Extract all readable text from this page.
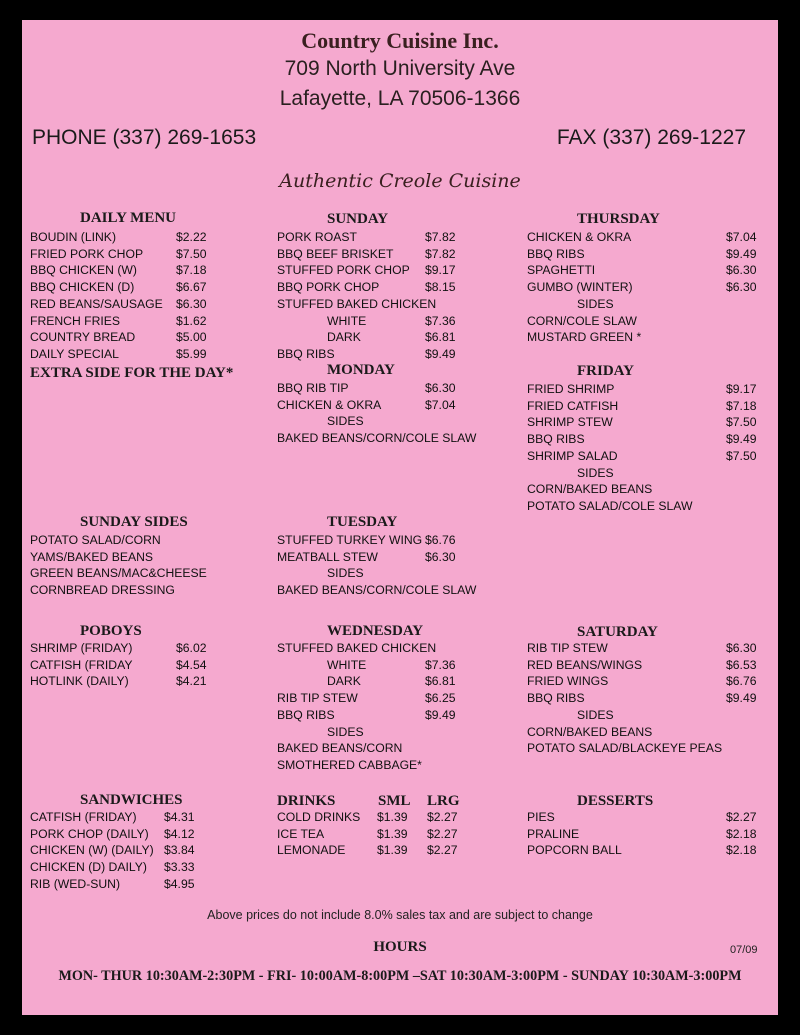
Country Cuisine Inc.
709 North University Ave
Lafayette, LA 70506-1366
PHONE (337) 269-1653	FAX (337) 269-1227
Authentic Creole Cuisine
DAILY MENU
BOUDIN (LINK)	$2.22
FRIED PORK CHOP	$7.50
BBQ CHICKEN (W)	$7.18
BBQ CHICKEN (D)	$6.67
RED BEANS/SAUSAGE $6.30
FRENCH FRIES	$1.62
COUNTRY BREAD	$5.00
DAILY SPECIAL	$5.99
EXTRA SIDE FOR THE DAY*
SUNDAY
PORK ROAST	$7.82
BBQ BEEF BRISKET	$7.82
STUFFED PORK CHOP $9.17
BBQ PORK CHOP	$8.15
STUFFED BAKED CHICKEN
WHITE	$7.36
DARK	$6.81
BBQ RIBS	$9.49
THURSDAY
CHICKEN & OKRA	$7.04
BBQ RIBS	$9.49
SPAGHETTI	$6.30
GUMBO (WINTER)	$6.30
SIDES
CORN/COLE SLAW
MUSTARD GREEN *
MONDAY
BBQ RIB TIP	$6.30
CHICKEN & OKRA	$7.04
SIDES
BAKED BEANS/CORN/COLE SLAW
FRIDAY
FRIED SHRIMP	$9.17
FRIED CATFISH	$7.18
SHRIMP STEW	$7.50
BBQ RIBS	$9.49
SHRIMP SALAD	$7.50
SIDES
CORN/BAKED BEANS
POTATO SALAD/COLE SLAW
SUNDAY SIDES
POTATO SALAD/CORN
YAMS/BAKED BEANS
GREEN BEANS/MAC&CHEESE
CORNBREAD DRESSING
TUESDAY
STUFFED TURKEY WING $6.76
MEATBALL STEW	$6.30
SIDES
BAKED BEANS/CORN/COLE SLAW
POBOYS
SHRIMP (FRIDAY)	$6.02
CATFISH (FRIDAY	$4.54
HOTLINK (DAILY)	$4.21
WEDNESDAY
STUFFED BAKED CHICKEN
WHITE	$7.36
DARK	$6.81
RIB TIP STEW	$6.25
BBQ RIBS	$9.49
SIDES
BAKED BEANS/CORN
SMOTHERED CABBAGE*
SATURDAY
RIB TIP STEW	$6.30
RED BEANS/WINGS	$6.53
FRIED WINGS	$6.76
BBQ RIBS	$9.49
SIDES
CORN/BAKED BEANS
POTATO SALAD/BLACKEYE PEAS
SANDWICHES
CATFISH (FRIDAY) $4.31
PORK CHOP (DAILY) $4.12
CHICKEN (W) (DAILY) $3.84
CHICKEN (D) DAILY) $3.33
RIB (WED-SUN)	$4.95
DESSERTS
PIES	$2.27
PRALINE	$2.18
POPCORN BALL	$2.18
DRINKS	SML LRG
COLD DRINKS $1.39 $2.27
ICE TEA	$1.39 $2.27
LEMONADE	$1.39 $2.27
Above prices do not include 8.0% sales tax and are subject to change
HOURS	07/09
MON- THUR 10:30AM-2:30PM - FRI- 10:00AM-8:00PM –SAT 10:30AM-3:00PM - SUNDAY 10:30AM-3:00PM
